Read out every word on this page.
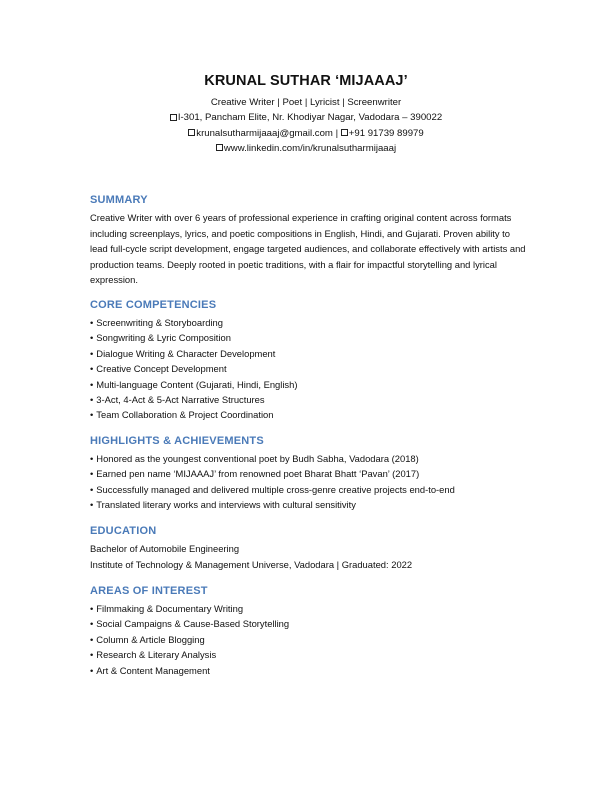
KRUNAL SUTHAR ‘MIJAAAJ’
Creative Writer | Poet | Lyricist | Screenwriter
I-301, Pancham Elite, Nr. Khodiyar Nagar, Vadodara – 390022
krunalsutharmijaaaj@gmail.com | +91 91739 89979
www.linkedin.com/in/krunalsutharmijaaaj
SUMMARY
Creative Writer with over 6 years of professional experience in crafting original content across formats including screenplays, lyrics, and poetic compositions in English, Hindi, and Gujarati. Proven ability to lead full-cycle script development, engage targeted audiences, and collaborate effectively with artists and production teams. Deeply rooted in poetic traditions, with a flair for impactful storytelling and lyrical expression.
CORE COMPETENCIES
• Screenwriting & Storyboarding
• Songwriting & Lyric Composition
• Dialogue Writing & Character Development
• Creative Concept Development
• Multi-language Content (Gujarati, Hindi, English)
• 3-Act, 4-Act & 5-Act Narrative Structures
• Team Collaboration & Project Coordination
HIGHLIGHTS & ACHIEVEMENTS
• Honored as the youngest conventional poet by Budh Sabha, Vadodara (2018)
• Earned pen name ‘MIJAAAJ’ from renowned poet Bharat Bhatt ‘Pavan’ (2017)
• Successfully managed and delivered multiple cross-genre creative projects end-to-end
• Translated literary works and interviews with cultural sensitivity
EDUCATION
Bachelor of Automobile Engineering
Institute of Technology & Management Universe, Vadodara | Graduated: 2022
AREAS OF INTEREST
• Filmmaking & Documentary Writing
• Social Campaigns & Cause-Based Storytelling
• Column & Article Blogging
• Research & Literary Analysis
• Art & Content Management
